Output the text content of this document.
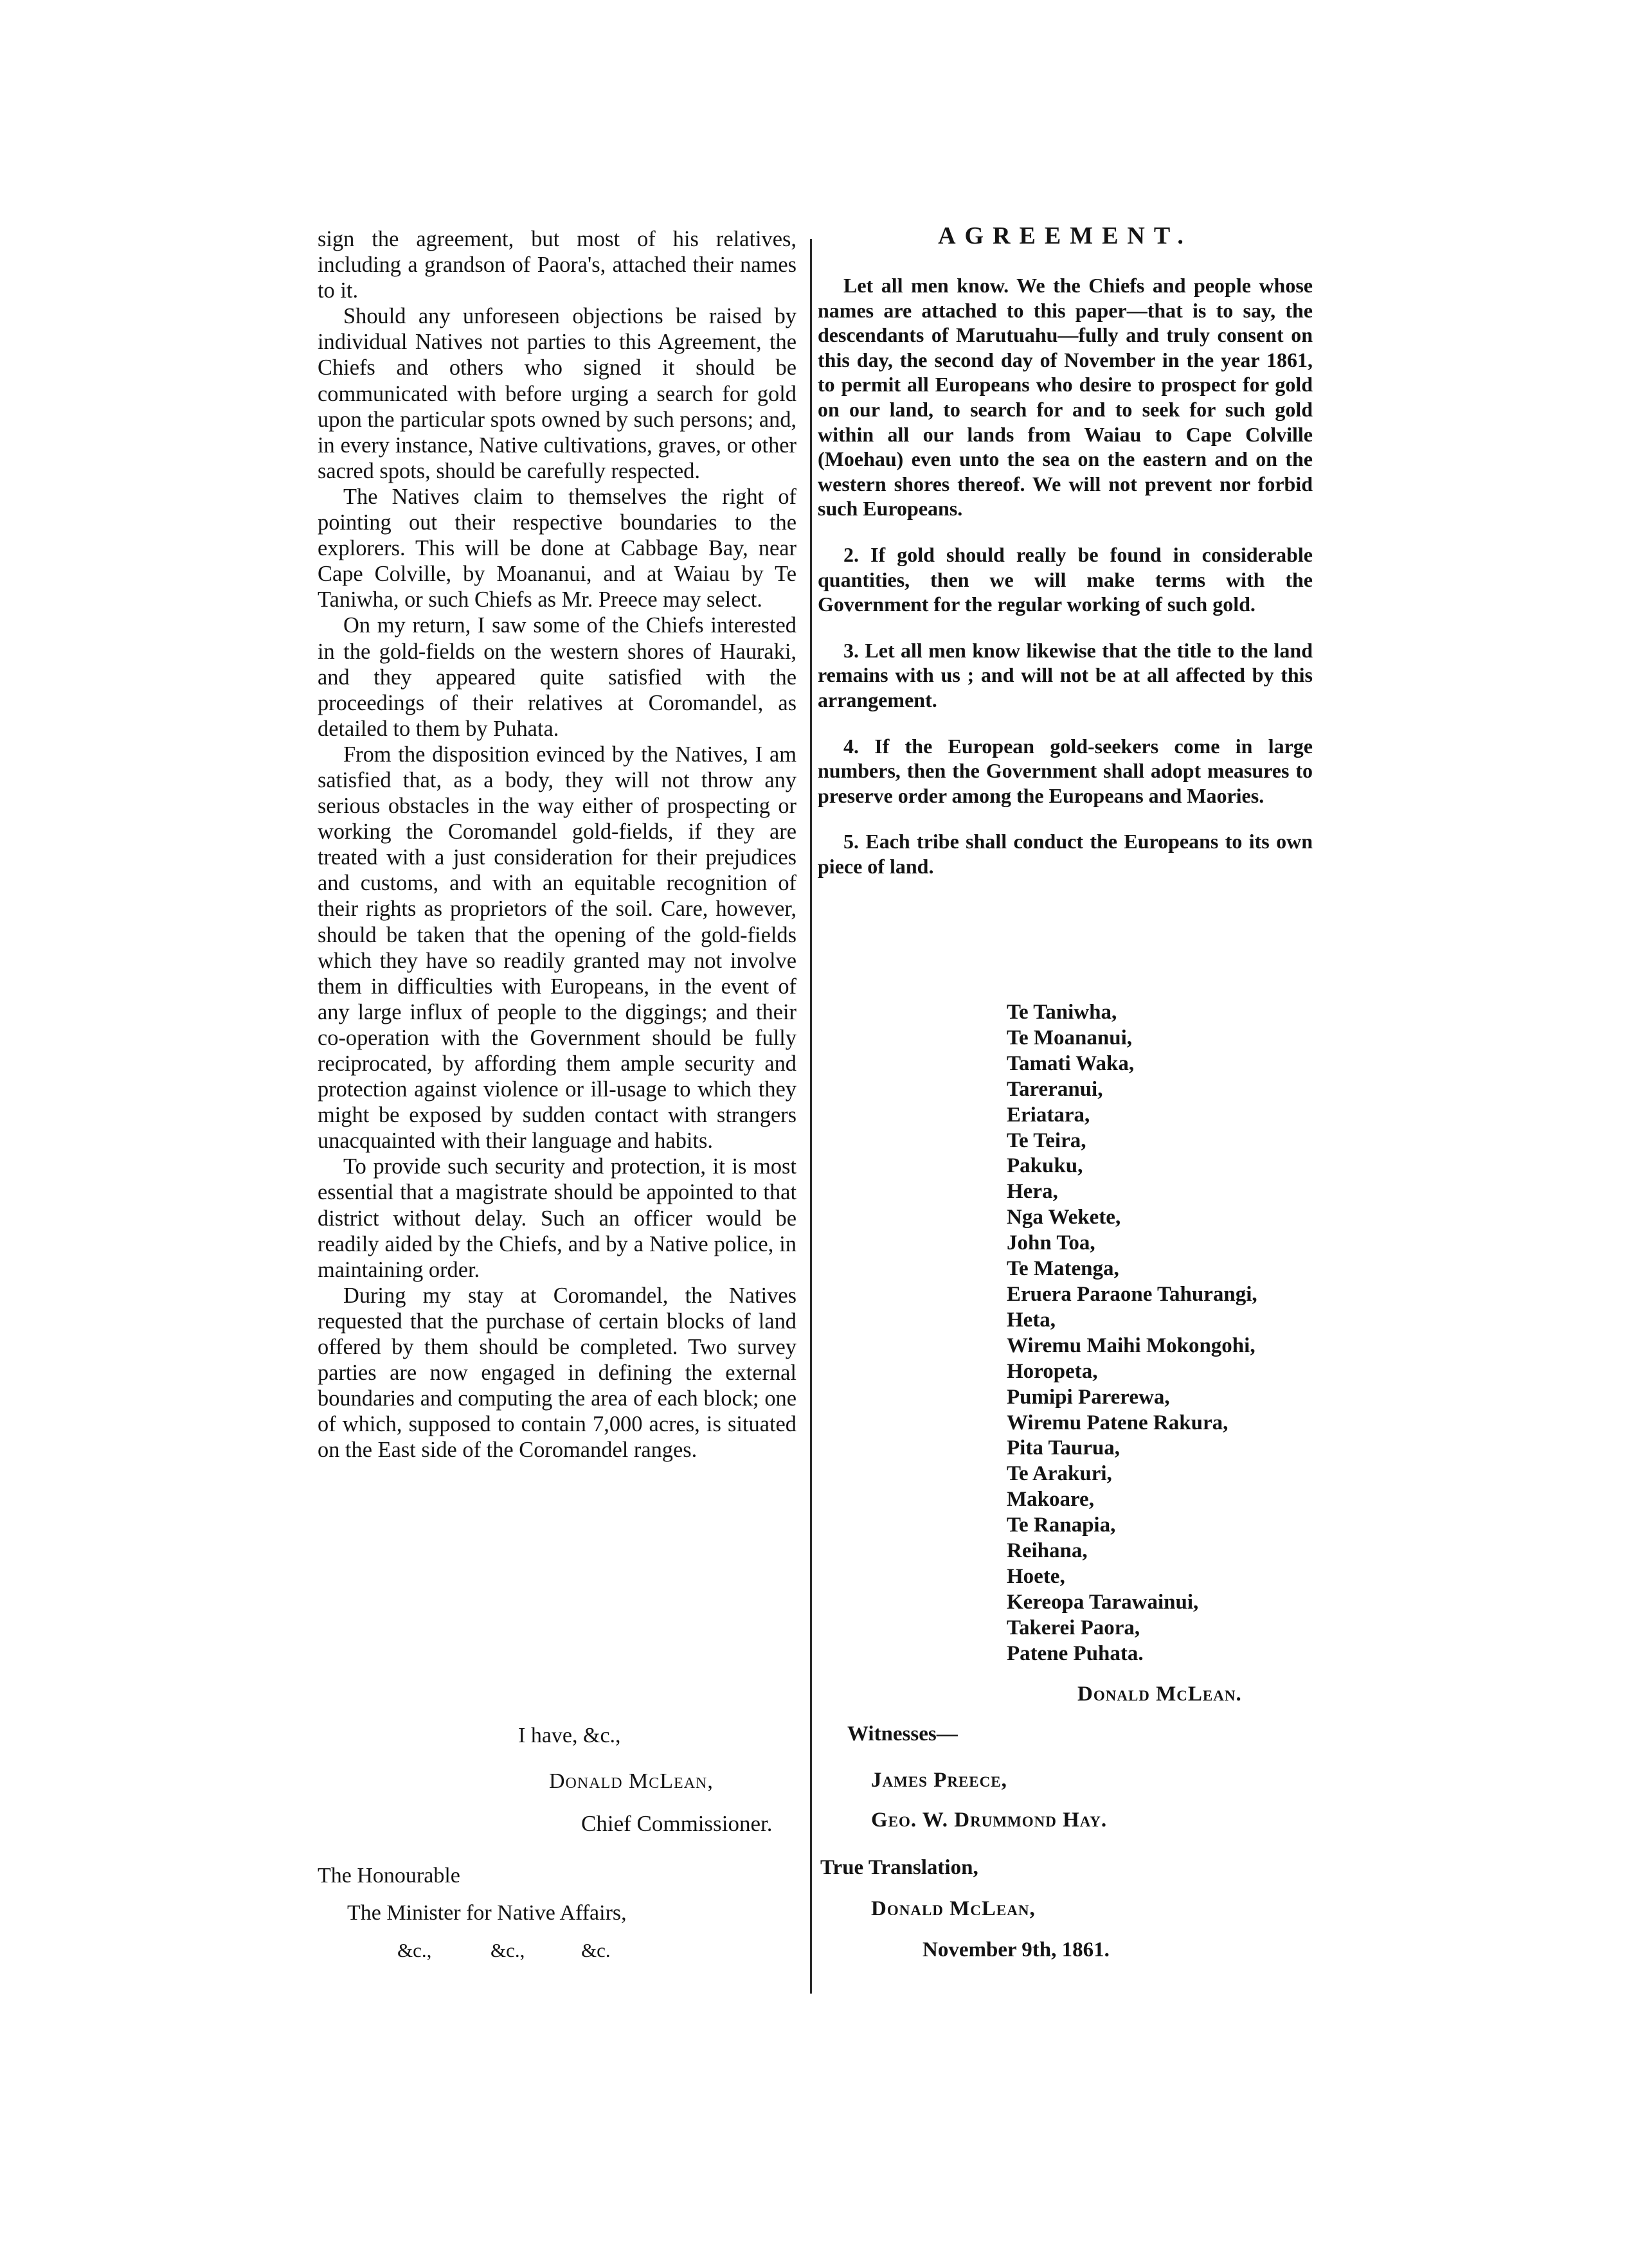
sign the agreement, but most of his relatives, including a grandson of Paora's, attached their names to it.

Should any unforeseen objections be raised by individual Natives not parties to this Agreement, the Chiefs and others who signed it should be communicated with before urging a search for gold upon the particular spots owned by such persons; and, in every instance, Native cultivations, graves, or other sacred spots, should be carefully respected.

The Natives claim to themselves the right of pointing out their respective boundaries to the explorers. This will be done at Cabbage Bay, near Cape Colville, by Moananui, and at Waiau by Te Taniwha, or such Chiefs as Mr. Preece may select.

On my return, I saw some of the Chiefs interested in the gold-fields on the western shores of Hauraki, and they appeared quite satisfied with the proceedings of their relatives at Coromandel, as detailed to them by Puhata.

From the disposition evinced by the Natives, I am satisfied that, as a body, they will not throw any serious obstacles in the way either of prospecting or working the Coromandel gold-fields, if they are treated with a just consideration for their prejudices and customs, and with an equitable recognition of their rights as proprietors of the soil. Care, however, should be taken that the opening of the gold-fields which they have so readily granted may not involve them in difficulties with Europeans, in the event of any large influx of people to the diggings; and their co-operation with the Government should be fully reciprocated, by affording them ample security and protection against violence or ill-usage to which they might be exposed by sudden contact with strangers unacquainted with their language and habits.

To provide such security and protection, it is most essential that a magistrate should be appointed to that district without delay. Such an officer would be readily aided by the Chiefs, and by a Native police, in maintaining order.

During my stay at Coromandel, the Natives requested that the purchase of certain blocks of land offered by them should be completed. Two survey parties are now engaged in defining the external boundaries and computing the area of each block; one of which, supposed to contain 7,000 acres, is situated on the East side of the Coromandel ranges.

I have, &c.,
Donald McLean,
Chief Commissioner.
The Honourable
The Minister for Native Affairs,
&c.,	&c.,	&c.
AGREEMENT.

Let all men know. We the Chiefs and people whose names are attached to this paper—that is to say, the descendants of Marutuahu—fully and truly consent on this day, the second day of November in the year 1861, to permit all Europeans who desire to prospect for gold on our land, to search for and to seek for such gold within all our lands from Waiau to Cape Colville (Moehau) even unto the sea on the eastern and on the western shores thereof. We will not prevent nor forbid such Europeans.

2. If gold should really be found in considerable quantities, then we will make terms with the Government for the regular working of such gold.

3. Let all men know likewise that the title to the land remains with us ; and will not be at all affected by this arrangement.

4. If the European gold-seekers come in large numbers, then the Government shall adopt measures to preserve order among the Europeans and Maories.

5. Each tribe shall conduct the Europeans to its own piece of land.

Te Taniwha,
Te Moananui,
Tamati Waka,
Tareranui,
Eriatara,
Te Teira,
Pakuku,
Hera,
Nga Wekete,
John Toa,
Te Matenga,
Eruera Paraone Tahurangi,
Heta,
Wiremu Maihi Mokongohi,
Horopeta,
Pumipi Parerewa,
Wiremu Patene Rakura,
Pita Taurua,
Te Arakuri,
Makoare,
Te Ranapia,
Reihana,
Hoete,
Kereopa Tarawainui,
Takerei Paora,
Patene Puhata.
Donald McLean.
Witnesses—
James Preece,
Geo. W. Drummond Hay.
True Translation,
Donald McLean,
November 9th, 1861.
